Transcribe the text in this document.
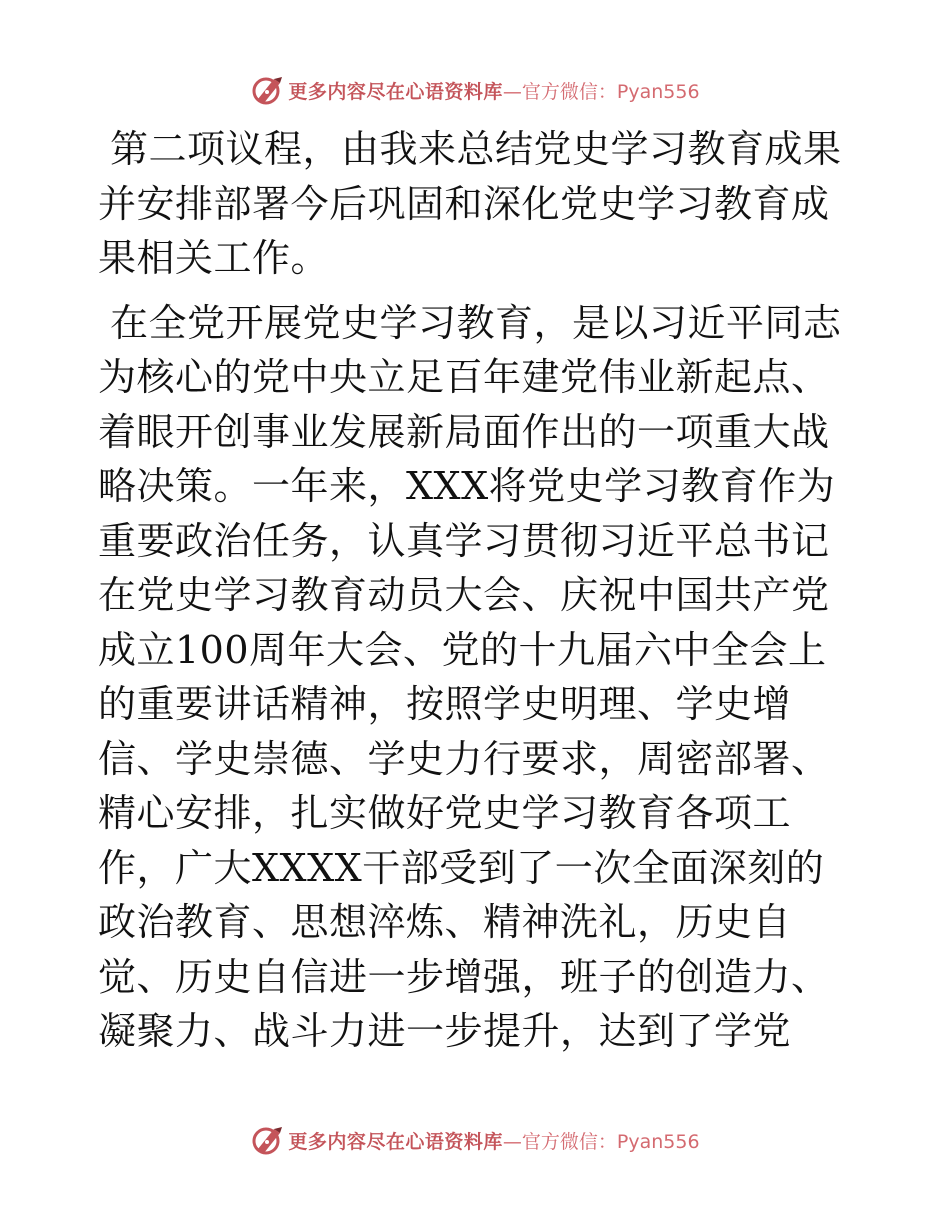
更多内容尽在心语资料库 —官方微信：Pyan556

第二项议程，由我来总结党史学习教育成果并安排部署今后巩固和深化党史学习教育成果相关工作。

在全党开展党史学习教育，是以习近平同志为核心的党中央立足百年建党伟业新起点、着眼开创事业发展新局面作出的一项重大战略决策。一年来，XXX将党史学习教育作为重要政治任务，认真学习贯彻习近平总书记在党史学习教育动员大会、庆祝中国共产党成立100周年大会、党的十九届六中全会上的重要讲话精神，按照学史明理、学史增信、学史崇德、学史力行要求，周密部署、精心安排，扎实做好党史学习教育各项工作，广大XXXX干部受到了一次全面深刻的政治教育、思想淬炼、精神洗礼，历史自觉、历史自信进一步增强，班子的创造力、凝聚力、战斗力进一步提升，达到了学党

更多内容尽在心语资料库 —官方微信：Pyan556
